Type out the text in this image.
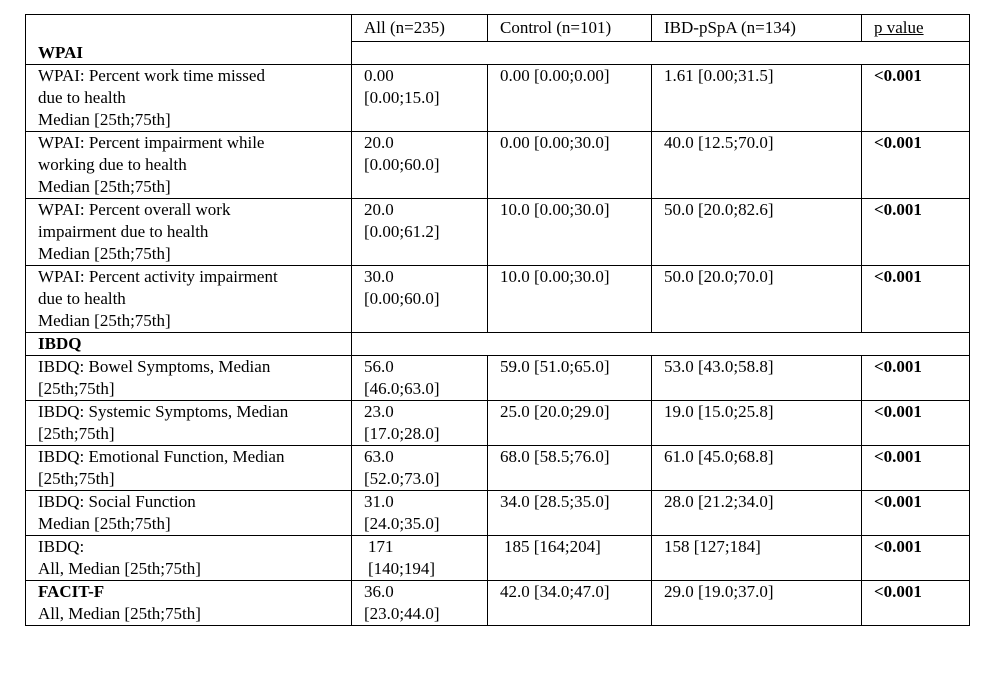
	All (n=235)	Control (n=101)	IBD-pSpA (n=134)	p value
WPAI				

WPAI: Percent work time missed
due to health
Median [25th;75th]	0.00
[0.00;15.0]	0.00 [0.00;0.00]	1.61 [0.00;31.5]	<0.001

WPAI: Percent impairment while
working due to health
Median [25th;75th]	20.0
[0.00;60.0]	0.00 [0.00;30.0]	40.0 [12.5;70.0]	<0.001

WPAI: Percent overall work
impairment due to health
Median [25th;75th]	20.0
[0.00;61.2]	10.0 [0.00;30.0]	50.0 [20.0;82.6]	<0.001

WPAI: Percent activity impairment
due to health
Median [25th;75th]	30.0
[0.00;60.0]	10.0 [0.00;30.0]	50.0 [20.0;70.0]	<0.001
IBDQ				

IBDQ: Bowel Symptoms, Median
[25th;75th]	56.0
[46.0;63.0]	59.0 [51.0;65.0]	53.0 [43.0;58.8]	<0.001

IBDQ: Systemic Symptoms, Median
[25th;75th]	23.0
[17.0;28.0]	25.0 [20.0;29.0]	19.0 [15.0;25.8]	<0.001

IBDQ: Emotional Function, Median
[25th;75th]	63.0
[52.0;73.0]	68.0 [58.5;76.0]	61.0 [45.0;68.8]	<0.001

IBDQ: Social Function
Median [25th;75th]	31.0
[24.0;35.0]	34.0 [28.5;35.0]	28.0 [21.2;34.0]	<0.001

IBDQ:
All, Median [25th;75th]	171
[140;194]	185 [164;204]	158 [127;184]	<0.001

FACIT-F
All, Median [25th;75th]	36.0
[23.0;44.0]	42.0 [34.0;47.0]	29.0 [19.0;37.0]	<0.001
